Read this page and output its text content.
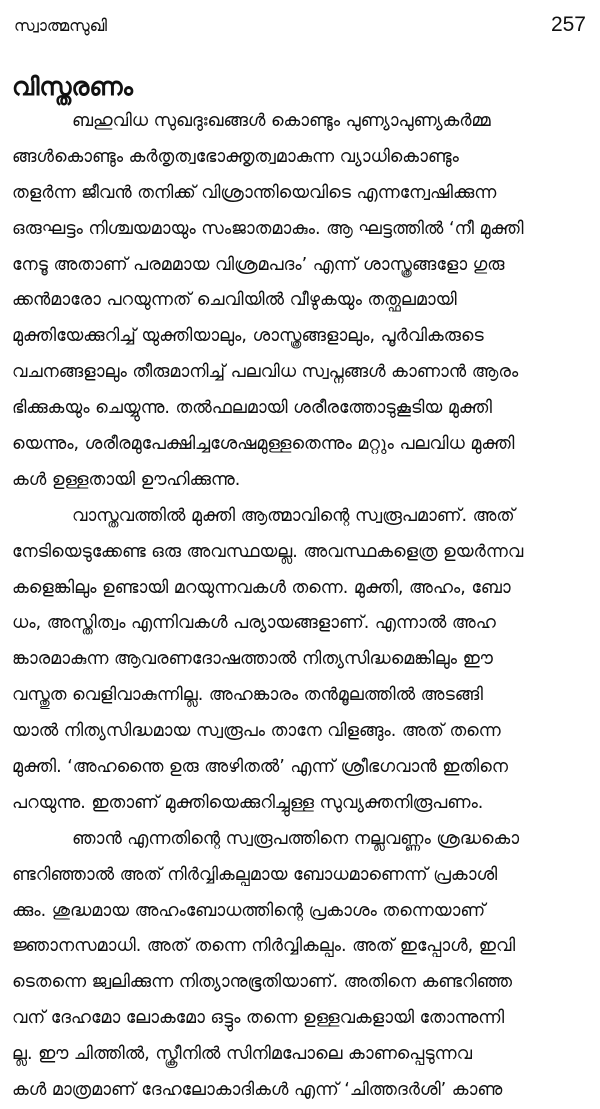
സ്വാത്മസുഖി	257
വിസ്തരണം
ബഹുവിധ സുഖദുഃഖങ്ങൾ കൊണ്ടും പുണ്യാപുണ്യകർമ്മ
ങ്ങൾകൊണ്ടും കർതൃത്വഭോക്തൃത്വമാകുന്ന വ്യാധികൊണ്ടും
തളർന്ന ജീവൻ തനിക്ക് വിശ്രാന്തിയെവിടെ എന്നന്വേഷിക്കുന്ന
ഒരുഘട്ടം നിശ്ചയമായും സംജാതമാകും. ആ ഘട്ടത്തിൽ ‘നീ മുക്തി
നേടൂ അതാണ് പരമമായ വിശ്രമപദം’ എന്ന് ശാസ്ത്രങ്ങളോ ഗുരു
ക്കൻമാരോ പറയുന്നത് ചെവിയിൽ വീഴുകയും തത്ഫലമായി
മുക്തിയേക്കുറിച്ച് യുക്തിയാലും, ശാസ്ത്രങ്ങളാലും, പൂർവികരുടെ
വചനങ്ങളാലും തീരുമാനിച്ച് പലവിധ സ്വപ്നങ്ങൾ കാണാൻ ആരം
ഭിക്കുകയും ചെയ്യുന്നു. തൽഫലമായി ശരീരത്തോടുകൂടിയ മുക്തി
യെന്നും, ശരീരമുപേക്ഷിച്ചശേഷമുള്ളതെന്നും മറ്റും പലവിധ മുക്തി
കൾ ഉള്ളതായി ഊഹിക്കുന്നു.
വാസ്തവത്തിൽ മുക്തി ആത്മാവിന്റെ സ്വരൂപമാണ്. അത്
നേടിയെടുക്കേണ്ട ഒരു അവസ്ഥയല്ല. അവസ്ഥകളെത്ര ഉയർന്നവ
കളെങ്കിലും ഉണ്ടായി മറയുന്നവകൾ തന്നെ. മുക്തി, അഹം, ബോ
ധം, അസ്തിത്വം എന്നിവകൾ പര്യായങ്ങളാണ്. എന്നാൽ അഹ
ങ്കാരമാകുന്ന ആവരണദോഷത്താൽ നിത്യസിദ്ധമെങ്കിലും ഈ
വസ്തുത വെളിവാകുന്നില്ല. അഹങ്കാരം തൻമൂലത്തിൽ അടങ്ങി
യാൽ നിത്യസിദ്ധമായ സ്വരൂപം താനേ വിളങ്ങും. അത് തന്നെ
മുക്തി. ‘അഹന്തൈ ഉരു അഴിതൽ’ എന്ന് ശ്രീഭഗവാൻ ഇതിനെ
പറയുന്നു. ഇതാണ് മുക്തിയെക്കുറിച്ചുള്ള സുവ്യക്തനിരൂപണം.
ഞാൻ എന്നതിന്റെ സ്വരൂപത്തിനെ നല്ലവണ്ണം ശ്രദ്ധകൊ
ണ്ടറിഞ്ഞാൽ അത് നിർവ്വികല്പമായ ബോധമാണെന്ന് പ്രകാശി
ക്കും. ശുദ്ധമായ അഹംബോധത്തിന്റെ പ്രകാശം തന്നെയാണ്
ജ്ഞാനസമാധി. അത് തന്നെ നിർവ്വികല്പം. അത് ഇപ്പോൾ, ഇവി
ടെതന്നെ ജ്വലിക്കുന്ന നിത്യാനുഭൂതിയാണ്. അതിനെ കണ്ടറിഞ്ഞ
വന് ദേഹമോ ലോകമോ ഒട്ടും തന്നെ ഉള്ളവകളായി തോന്നുന്നി
ല്ല. ഈ ചിത്തിൽ, സ്ക്രീനിൽ സിനിമപോലെ കാണപ്പെടുന്നവ
കൾ മാത്രമാണ് ദേഹലോകാദികൾ എന്ന് ‘ചിത്തദർശി’ കാണു
